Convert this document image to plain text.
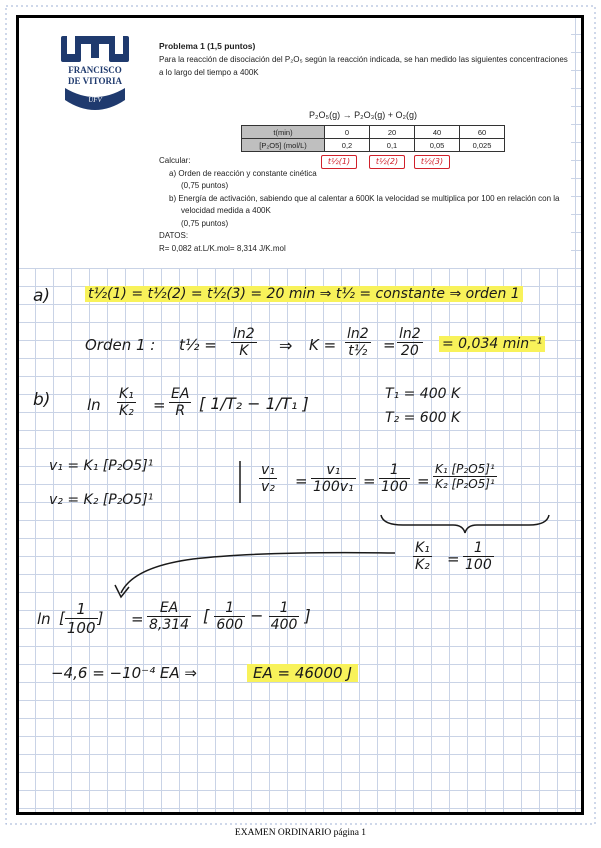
FRANCISCO
DE VITORIA
UFV
Problema 1 (1,5 puntos)
Para la reacción de disociación del P₂O₅ según la reacción indicada, se han medido las siguientes concentraciones a lo largo del tiempo a 400K
P₂O₅(g) → P₂O₃(g) + O₂(g)
t(min)	0	20	40	60
[P₂O5] (mol/L)	0,2	0,1	0,05	0,025
t½(1)	t½(2)	t½(3)
Calcular:
a) Orden de reacción y constante cinética
(0,75 puntos)
b) Energía de activación, sabiendo que al calentar a 600K la velocidad se multiplica por 100 en relación con la velocidad medida a 400K
(0,75 puntos)
DATOS:
R= 0,082 at.L/K.mol= 8,314 J/K.mol
a)	t½(1) = t½(2) = t½(3) = 20 min ⇒ t½ = constante ⇒ orden 1
Orden 1 : t½ = $\frac{\ln 2}{K}$ ⇒ $K = \frac{\ln 2}{\text{t½}} = \frac{\ln 2}{20} = 0,034$ min⁻¹
b) $\ln \frac{\text{K₁}}{\text{K₂}} = \frac{EA}{R}$ [ 1/T₂ − 1/T₁ ]	T₁ = 400 K
T₂ = 600 K
v₁ = K₁ [P₂O5]¹
v₂ = K₂ [P₂O5]¹
$\frac{\text{v₁}}{\text{v₂}} = \frac{\text{v₁}}{\text{100v₁}} = \frac{1}{100} = \frac{\text{K₁ [P₂O5]¹}}{\text{K₂ [P₂O5]¹}}$
$\frac{\text{K₁}}{\text{K₂}} = \frac{1}{100}$
ln [ $\frac{1}{100}$ ] = $\frac{EA}{8,314}$ [ $\frac{1}{600} - \frac{1}{400}$ ]
−4,6 = −10⁻⁴ EA ⇒	EA = 46000 J
EXAMEN ORDINARIO página 1
